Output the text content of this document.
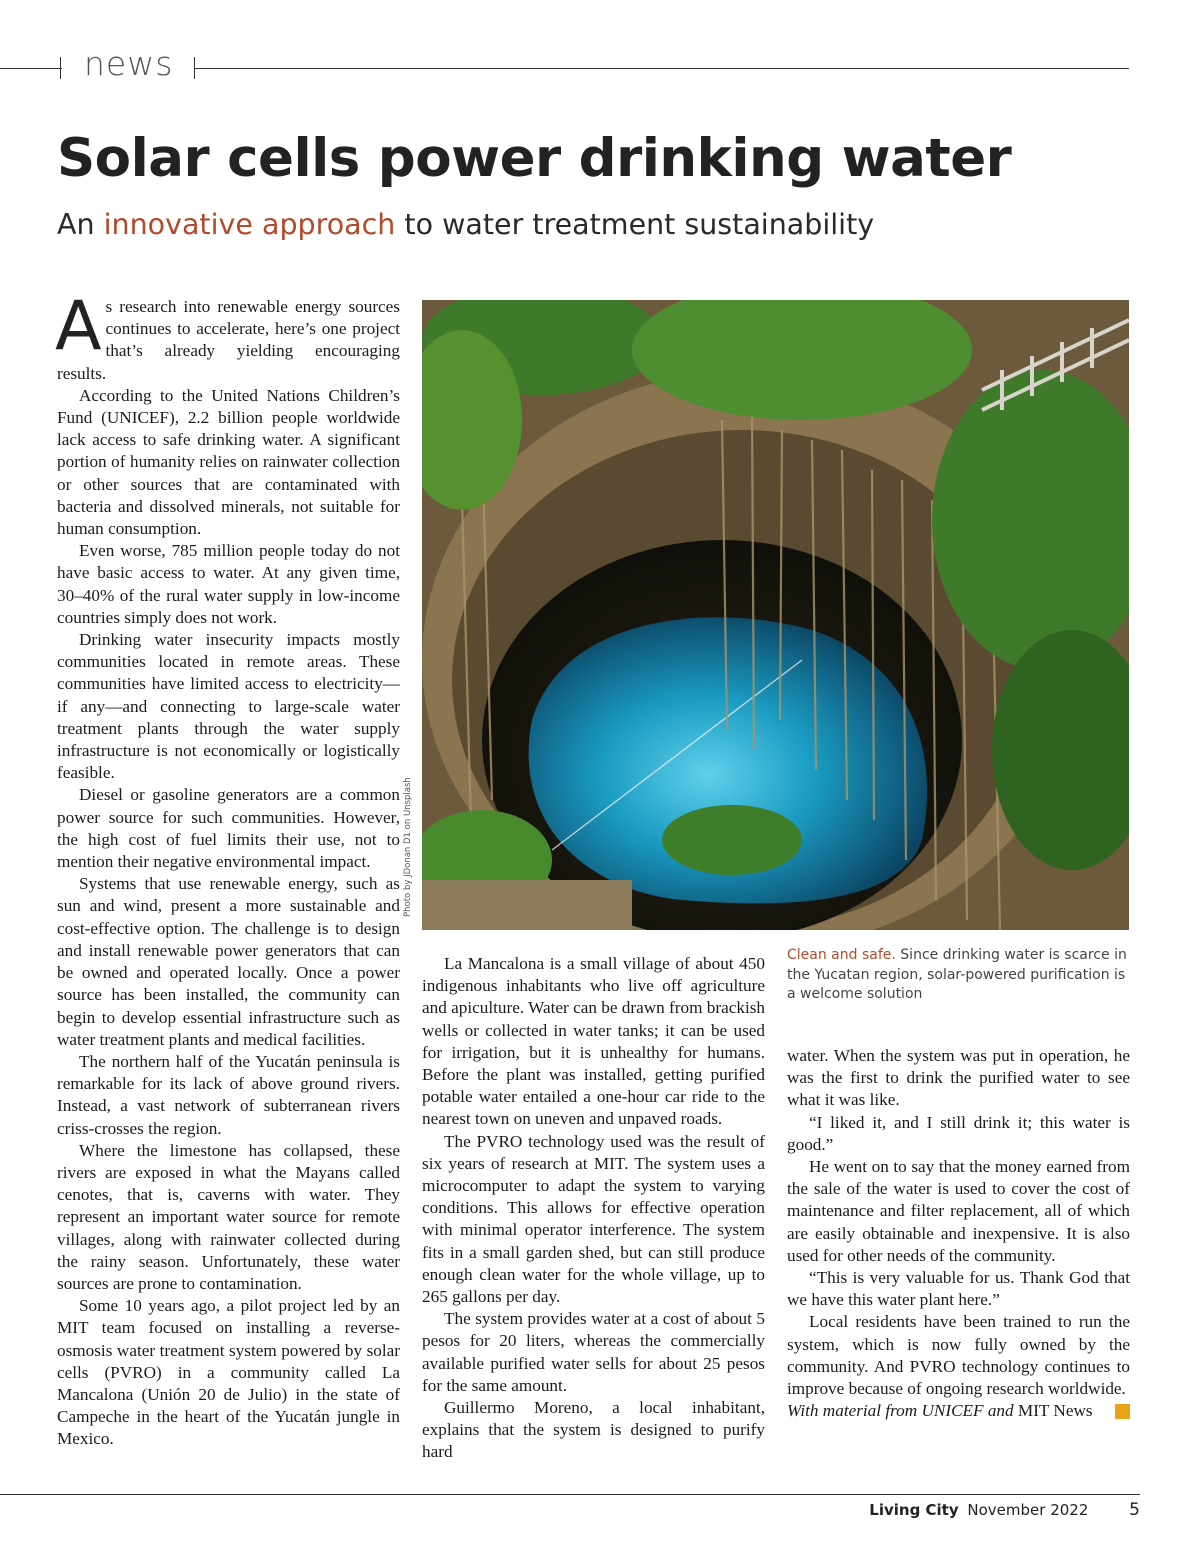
news
Solar cells power drinking water
An innovative approach to water treatment sustainability

As research into renewable energy sources continues to accelerate, here’s one project that’s already yielding encouraging results.

According to the United Nations Children’s Fund (UNICEF), 2.2 billion people worldwide lack access to safe drinking water. A significant portion of humanity relies on rainwater collection or other sources that are contaminated with bacteria and dissolved minerals, not suitable for human consumption.

Even worse, 785 million people today do not have basic access to water. At any given time, 30–40% of the rural water supply in low-income countries simply does not work.

Drinking water insecurity impacts mostly communities located in remote areas. These communities have limited access to electricity—if any—and connecting to large-scale water treatment plants through the water supply infrastructure is not economically or logistically feasible.

Diesel or gasoline generators are a common power source for such communities. However, the high cost of fuel limits their use, not to mention their negative environmental impact.

Systems that use renewable energy, such as sun and wind, present a more sustainable and cost-effective option. The challenge is to design and install renewable power generators that can be owned and operated locally. Once a power source has been installed, the community can begin to develop essential infrastructure such as water treatment plants and medical facilities.

The northern half of the Yucatán peninsula is remarkable for its lack of above ground rivers. Instead, a vast network of subterranean rivers criss-crosses the region.

Where the limestone has collapsed, these rivers are exposed in what the Mayans called cenotes, that is, caverns with water. They represent an important water source for remote villages, along with rainwater collected during the rainy season. Unfortunately, these water sources are prone to contamination.

Some 10 years ago, a pilot project led by an MIT team focused on installing a reverse-osmosis water treatment system powered by solar cells (PVRO) in a community called La Mancalona (Unión 20 de Julio) in the state of Campeche in the heart of the Yucatán jungle in Mexico.

Photo by JDonan D1 on Unsplash
Clean and safe. Since drinking water is scarce in the Yucatan region, solar-powered purification is a welcome solution

La Mancalona is a small village of about 450 indigenous inhabitants who live off agriculture and apiculture. Water can be drawn from brackish wells or collected in water tanks; it can be used for irrigation, but it is unhealthy for humans. Before the plant was installed, getting purified potable water entailed a one-hour car ride to the nearest town on uneven and unpaved roads.

The PVRO technology used was the result of six years of research at MIT. The system uses a microcomputer to adapt the system to varying conditions. This allows for effective operation with minimal operator interference. The system fits in a small garden shed, but can still produce enough clean water for the whole village, up to 265 gallons per day.

The system provides water at a cost of about 5 pesos for 20 liters, whereas the commercially available purified water sells for about 25 pesos for the same amount.

Guillermo Moreno, a local inhabitant, explains that the system is designed to purify hard

water. When the system was put in operation, he was the first to drink the purified water to see what it was like.

“I liked it, and I still drink it; this water is good.”

He went on to say that the money earned from the sale of the water is used to cover the cost of maintenance and filter replacement, all of which are easily obtainable and inexpensive. It is also used for other needs of the community.

“This is very valuable for us. Thank God that we have this water plant here.”

Local residents have been trained to run the system, which is now fully owned by the community. And PVRO technology continues to improve because of ongoing research worldwide.
LC

With material from UNICEF and MIT News

Living City November 2022 5
